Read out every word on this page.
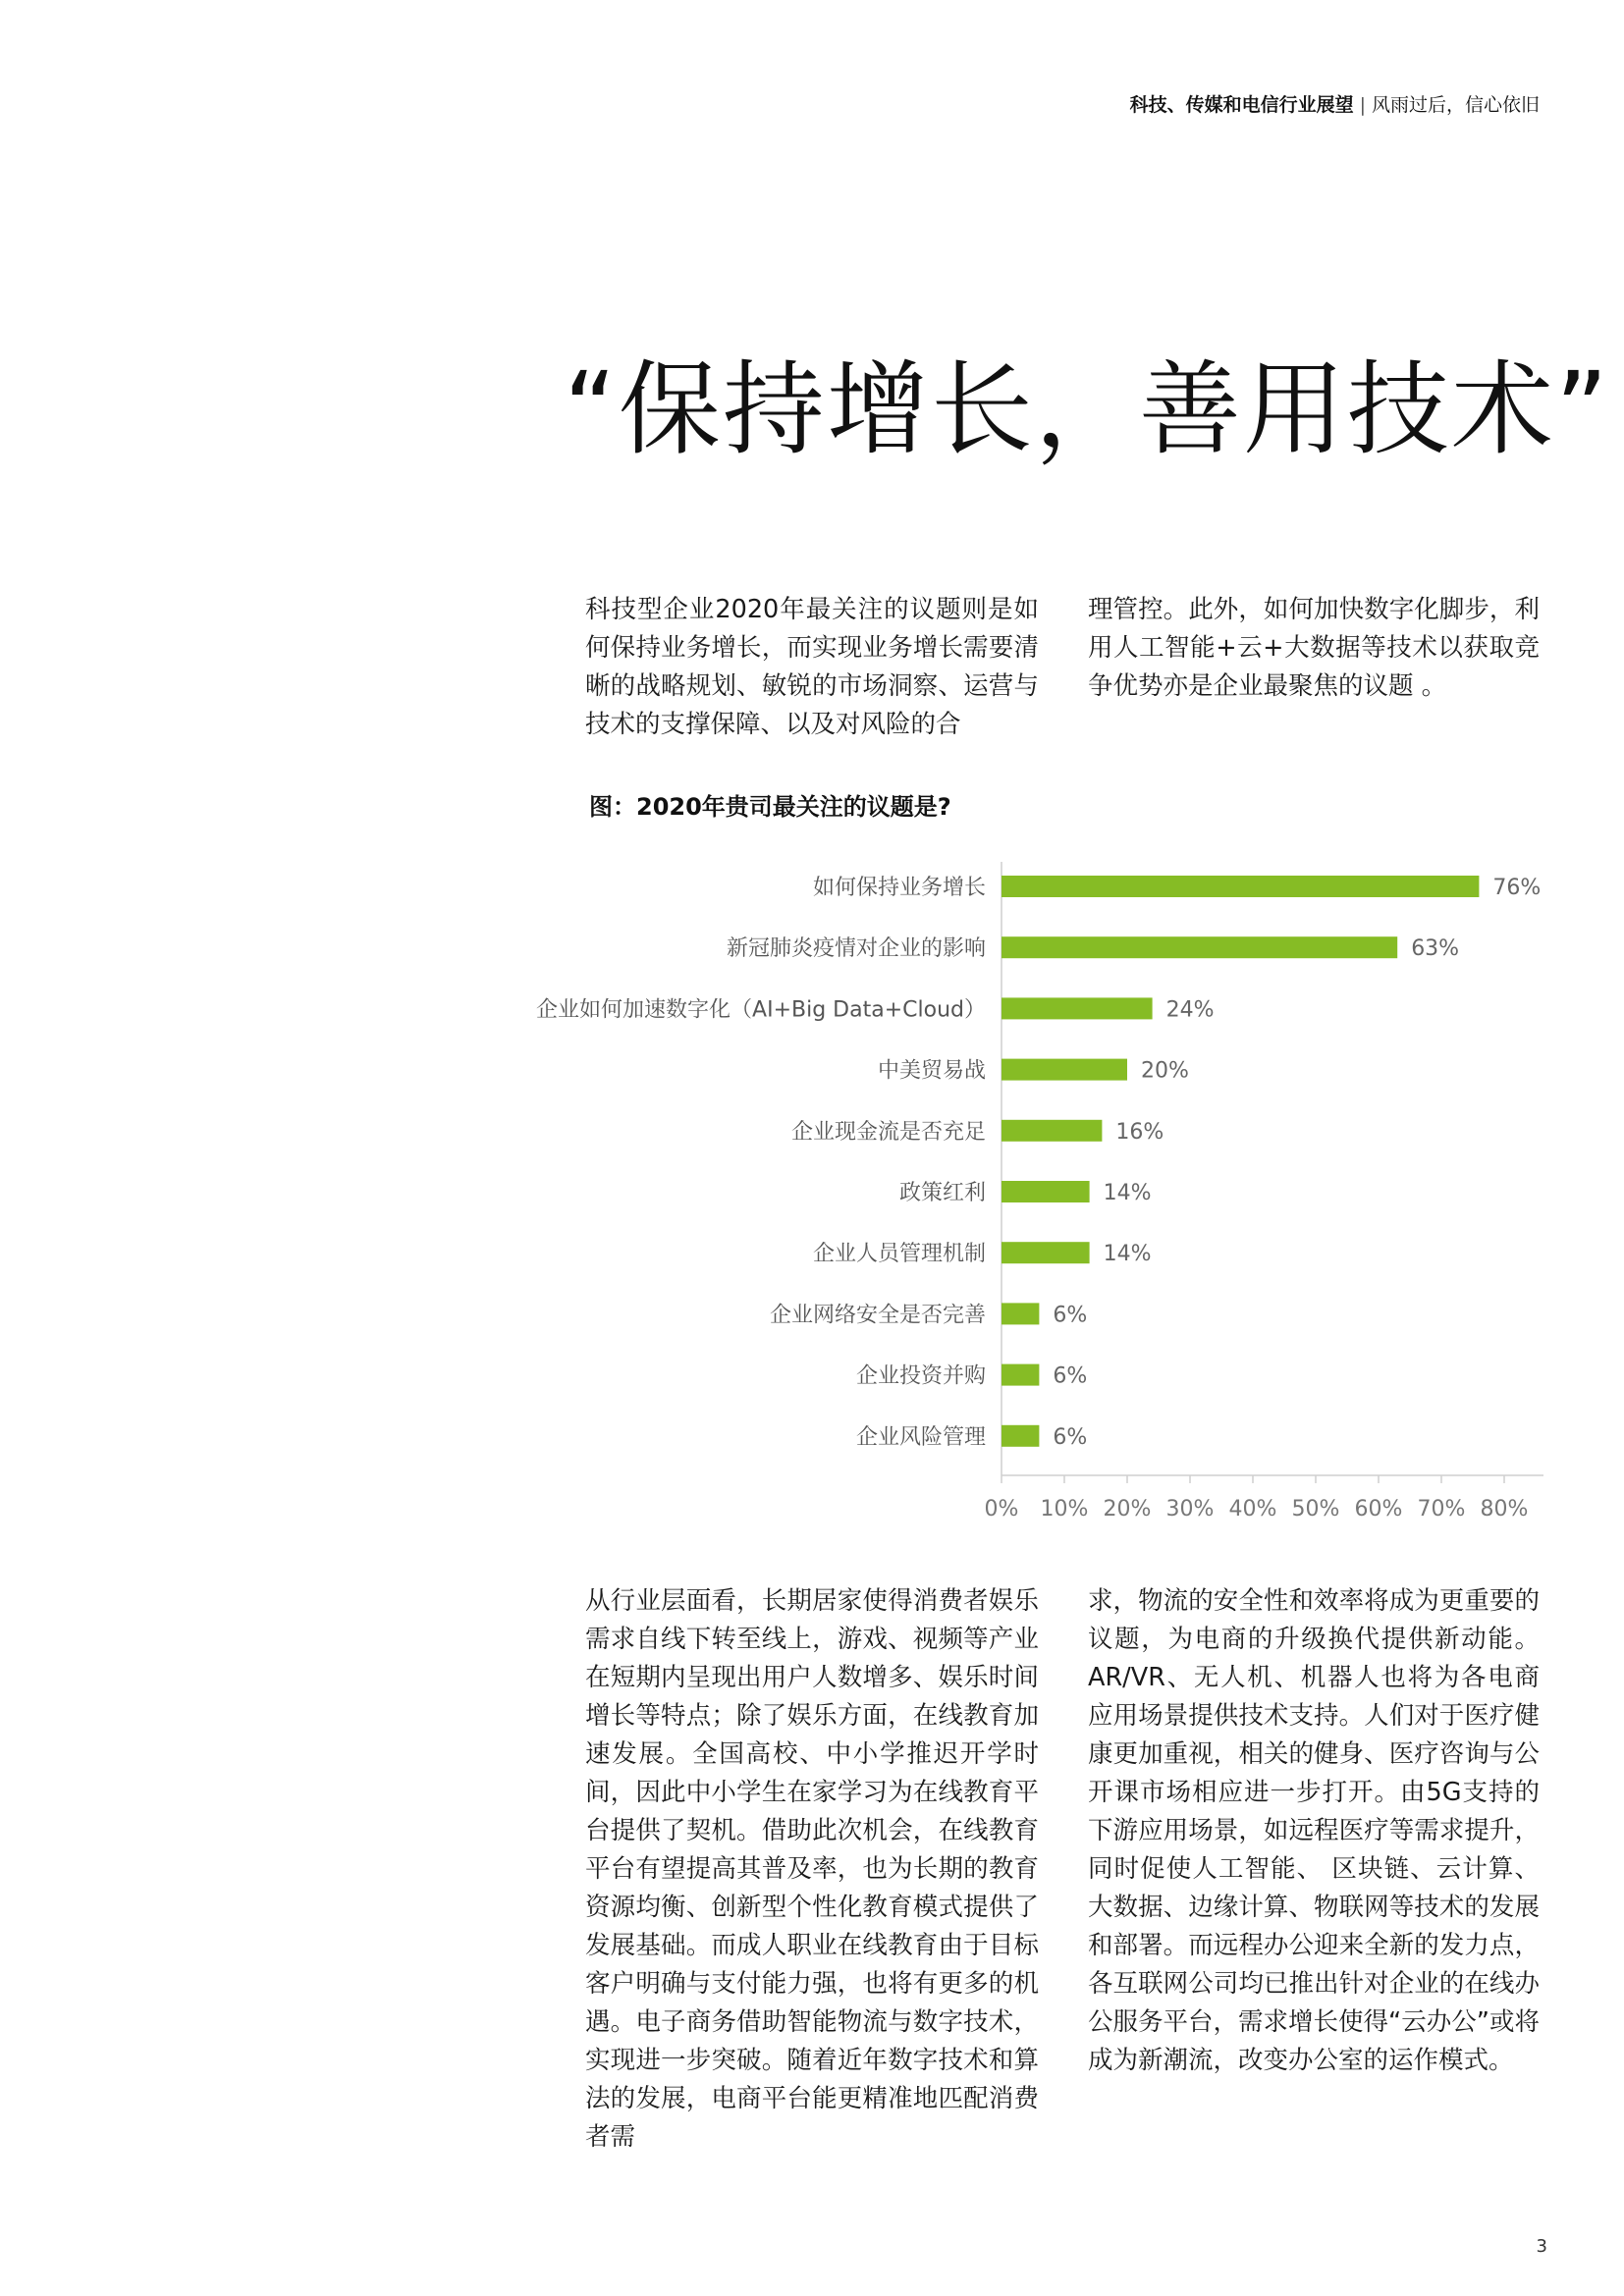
科技、传媒和电信行业展望 | 风雨过后，信心依旧
“保持增长，善用技术”
科技型企业2020年最关注的议题则是如何保持业务增长，而实现业务增长需要清晰的战略规划、敏锐的市场洞察、运营与技术的支撑保障、以及对风险的合
理管控。此外，如何加快数字化脚步，利用人工智能+云+大数据等技术以获取竞争优势亦是企业最聚焦的议题 。
图：2020年贵司最关注的议题是?
0% 10% 20% 30% 40% 50% 60% 70% 80%
如何保持业务增长	76%
新冠肺炎疫情对企业的影响	63%
企业如何加速数字化（AI+Big Data+Cloud）	24%
中美贸易战	20%
企业现金流是否充足	16%
政策红利	14%
企业人员管理机制	14%
企业网络安全是否完善	6%
企业投资并购	6%
企业风险管理	6%
从行业层面看，长期居家使得消费者娱乐需求自线下转至线上，游戏、视频等产业在短期内呈现出用户人数增多、娱乐时间增长等特点；除了娱乐方面，在线教育加速发展。全国高校、中小学推迟开学时间，因此中小学生在家学习为在线教育平台提供了契机。借助此次机会，在线教育平台有望提高其普及率，也为长期的教育资源均衡、创新型个性化教育模式提供了发展基础。而成人职业在线教育由于目标客户明确与支付能力强，也将有更多的机遇。电子商务借助智能物流与数字技术，实现进一步突破。随着近年数字技术和算法的发展，电商平台能更精准地匹配消费者需
求，物流的安全性和效率将成为更重要的议题，为电商的升级换代提供新动能。AR/VR、无人机、机器人也将为各电商应用场景提供技术支持。人们对于医疗健康更加重视，相关的健身、医疗咨询与公开课市场相应进一步打开。由5G支持的下游应用场景，如远程医疗等需求提升，同时促使人工智能、 区块链、云计算、大数据、边缘计算、物联网等技术的发展和部署。而远程办公迎来全新的发力点，各互联网公司均已推出针对企业的在线办公服务平台，需求增长使得“云办公”或将成为新潮流，改变办公室的运作模式。
3
